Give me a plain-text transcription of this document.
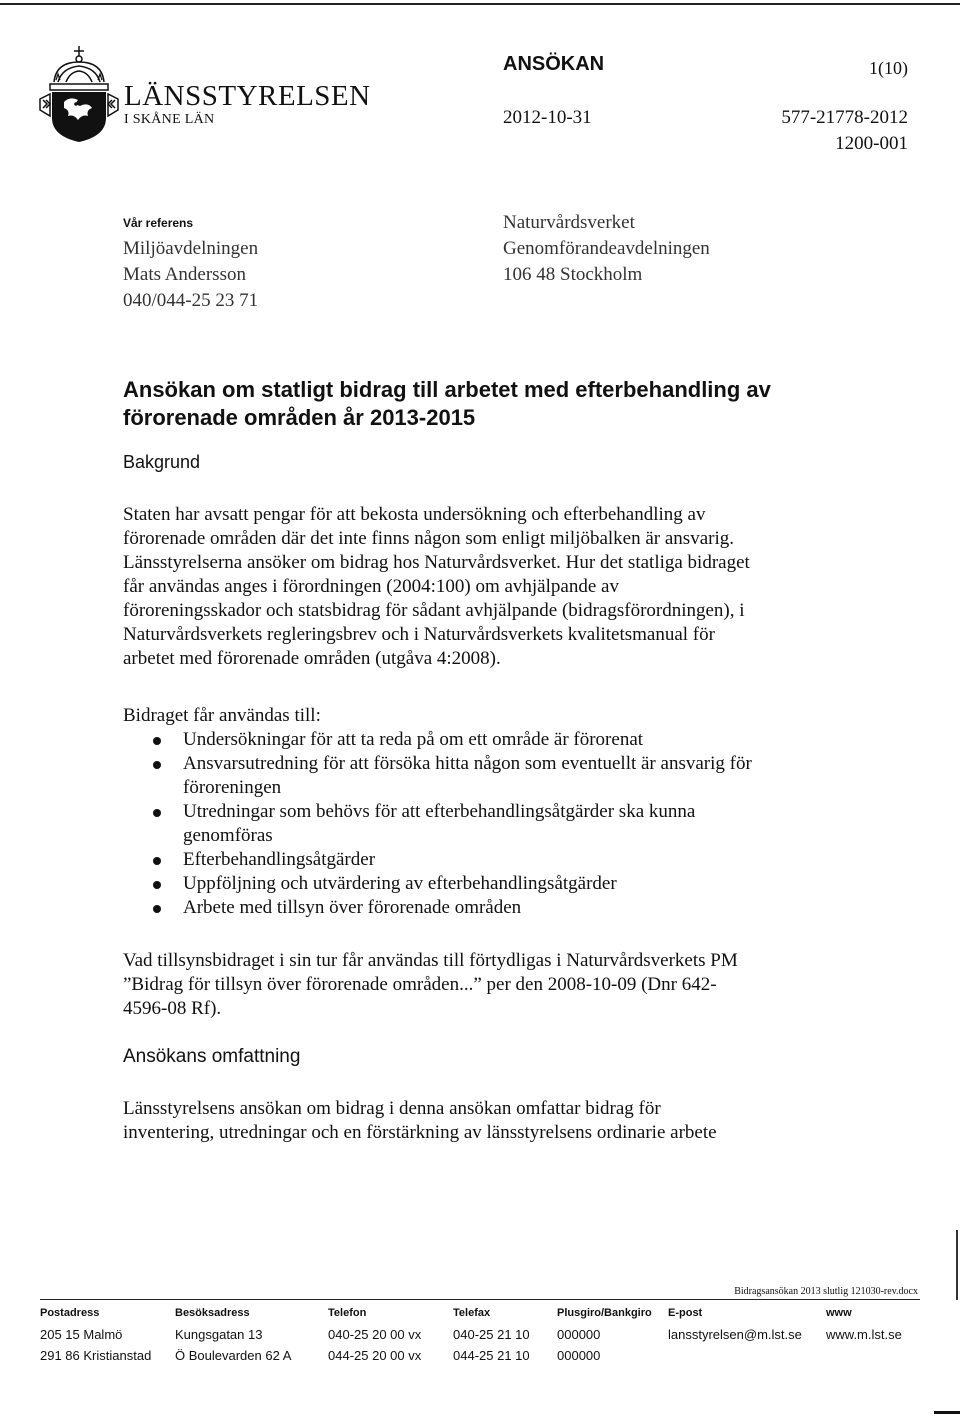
LÄNSSTYRELSEN
I SKÅNE LÄN
ANSÖKAN	1(10)
2012-10-31	577-21778-2012
1200-001
Vår referens
Miljöavdelningen
Mats Andersson
040/044-25 23 71
Naturvårdsverket
Genomförandeavdelningen
106 48 Stockholm
Ansökan om statligt bidrag till arbetet med efterbehandling av förorenade områden år 2013-2015
Bakgrund
Staten har avsatt pengar för att bekosta undersökning och efterbehandling av
förorenade områden där det inte finns någon som enligt miljöbalken är ansvarig.
Länsstyrelserna ansöker om bidrag hos Naturvårdsverket. Hur det statliga bidraget
får användas anges i förordningen (2004:100) om avhjälpande av
föroreningsskador och statsbidrag för sådant avhjälpande (bidragsförordningen), i
Naturvårdsverkets regleringsbrev och i Naturvårdsverkets kvalitetsmanual för
arbetet med förorenade områden (utgåva 4:2008).
Bidraget får användas till:
Undersökningar för att ta reda på om ett område är förorenat
Ansvarsutredning för att försöka hitta någon som eventuellt är ansvarig för
föroreningen
Utredningar som behövs för att efterbehandlingsåtgärder ska kunna
genomföras
Efterbehandlingsåtgärder
Uppföljning och utvärdering av efterbehandlingsåtgärder
Arbete med tillsyn över förorenade områden
Vad tillsynsbidraget i sin tur får användas till förtydligas i Naturvårdsverkets PM
”Bidrag för tillsyn över förorenade områden...” per den 2008-10-09 (Dnr 642-
4596-08 Rf).
Ansökans omfattning
Länsstyrelsens ansökan om bidrag i denna ansökan omfattar bidrag för
inventering, utredningar och en förstärkning av länsstyrelsens ordinarie arbete
Bidragsansökan 2013 slutlig 121030-rev.docx
Postadress
205 15 Malmö
291 86 Kristianstad
Besöksadress
Kungsgatan 13
Ö Boulevarden 62 A
Telefon
040-25 20 00 vx
044-25 20 00 vx
Telefax
040-25 21 10
044-25 21 10
Plusgiro/Bankgiro
000000
000000
E-post
lansstyrelsen@m.lst.se
www
www.m.lst.se
